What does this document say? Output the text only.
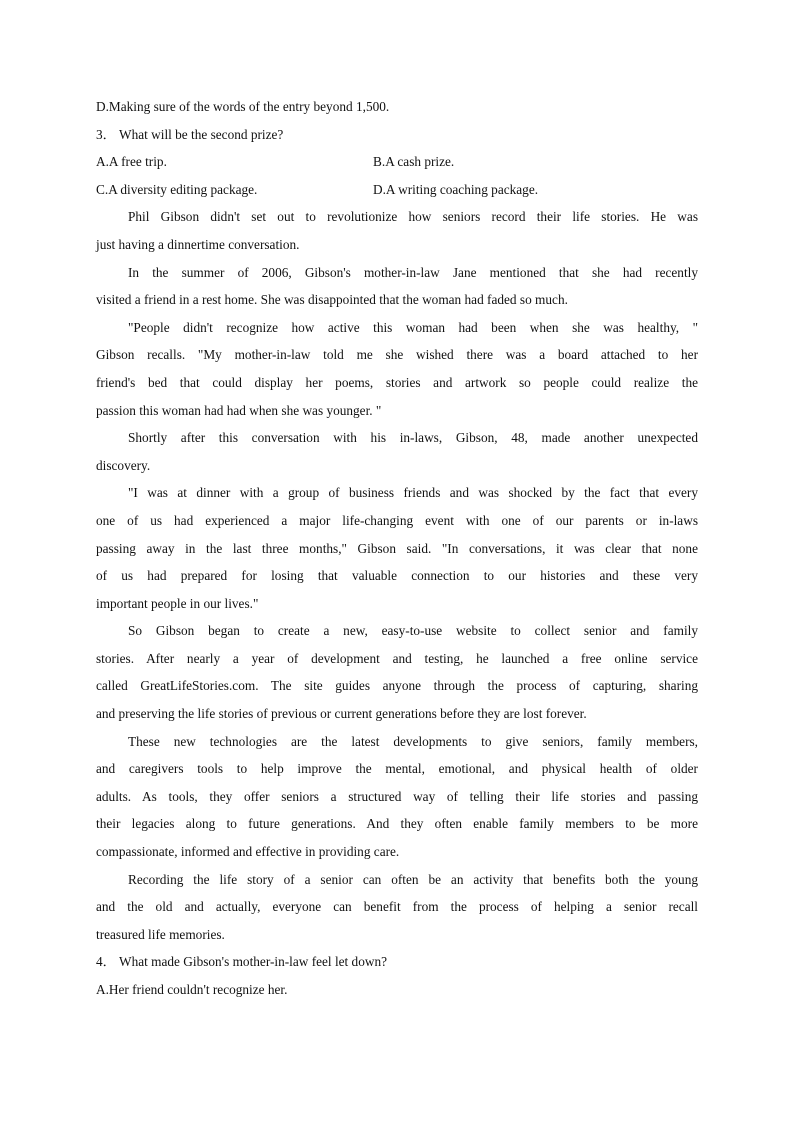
D.Making sure of the words of the entry beyond 1,500.
3． What will be the second prize?
A.A free trip.	B.A cash prize.
C.A diversity editing package.	D.A writing coaching package.
Phil Gibson didn't set out to revolutionize how seniors record their life stories. He was
just having a dinnertime conversation.
In the summer of 2006, Gibson's mother-in-law Jane mentioned that she had recently
visited a friend in a rest home. She was disappointed that the woman had faded so much.
"People didn't recognize how active this woman had been when she was healthy, "
Gibson recalls. "My mother-in-law told me she wished there was a board attached to her
friend's bed that could display her poems, stories and artwork so people could realize the
passion this woman had had when she was younger. "
Shortly after this conversation with his in-laws, Gibson, 48, made another unexpected
discovery.
"I was at dinner with a group of business friends and was shocked by the fact that every
one of us had experienced a major life-changing event with one of our parents or in-laws
passing away in the last three months," Gibson said. "In conversations, it was clear that none
of us had prepared for losing that valuable connection to our histories and these very
important people in our lives."
So Gibson began to create a new, easy-to-use website to collect senior and family
stories. After nearly a year of development and testing, he launched a free online service
called GreatLifeStories.com. The site guides anyone through the process of capturing, sharing
and preserving the life stories of previous or current generations before they are lost forever.
These new technologies are the latest developments to give seniors, family members,
and caregivers tools to help improve the mental, emotional, and physical health of older
adults. As tools, they offer seniors a structured way of telling their life stories and passing
their legacies along to future generations. And they often enable family members to be more
compassionate, informed and effective in providing care.
Recording the life story of a senior can often be an activity that benefits both the young
and the old and actually, everyone can benefit from the process of helping a senior recall
treasured life memories.
4． What made Gibson's mother-in-law feel let down?
A.Her friend couldn't recognize her.
